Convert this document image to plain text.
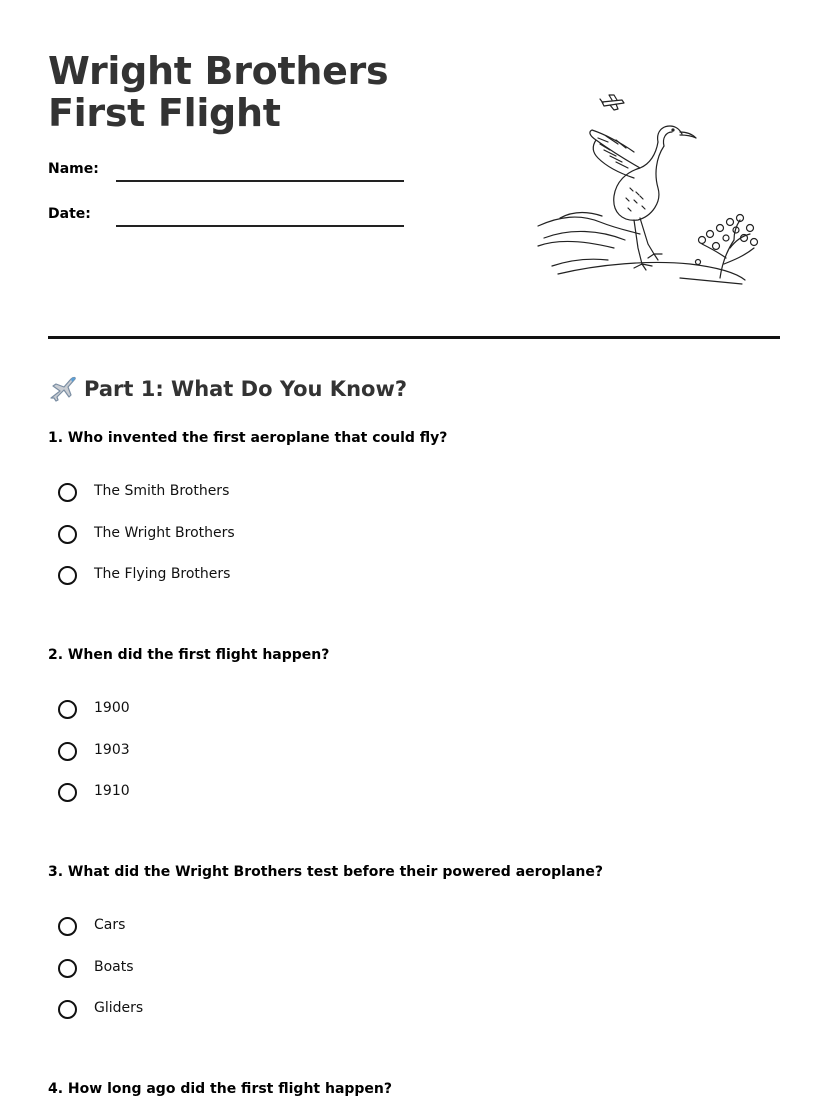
Wright Brothers First Flight
Name:
Date:
Part 1: What Do You Know?

1. Who invented the first aeroplane that could fly?

The Smith Brothers
The Wright Brothers
The Flying Brothers

2. When did the first flight happen?

1900
1903
1910

3. What did the Wright Brothers test before their powered aeroplane?

Cars
Boats
Gliders

4. How long ago did the first flight happen?
